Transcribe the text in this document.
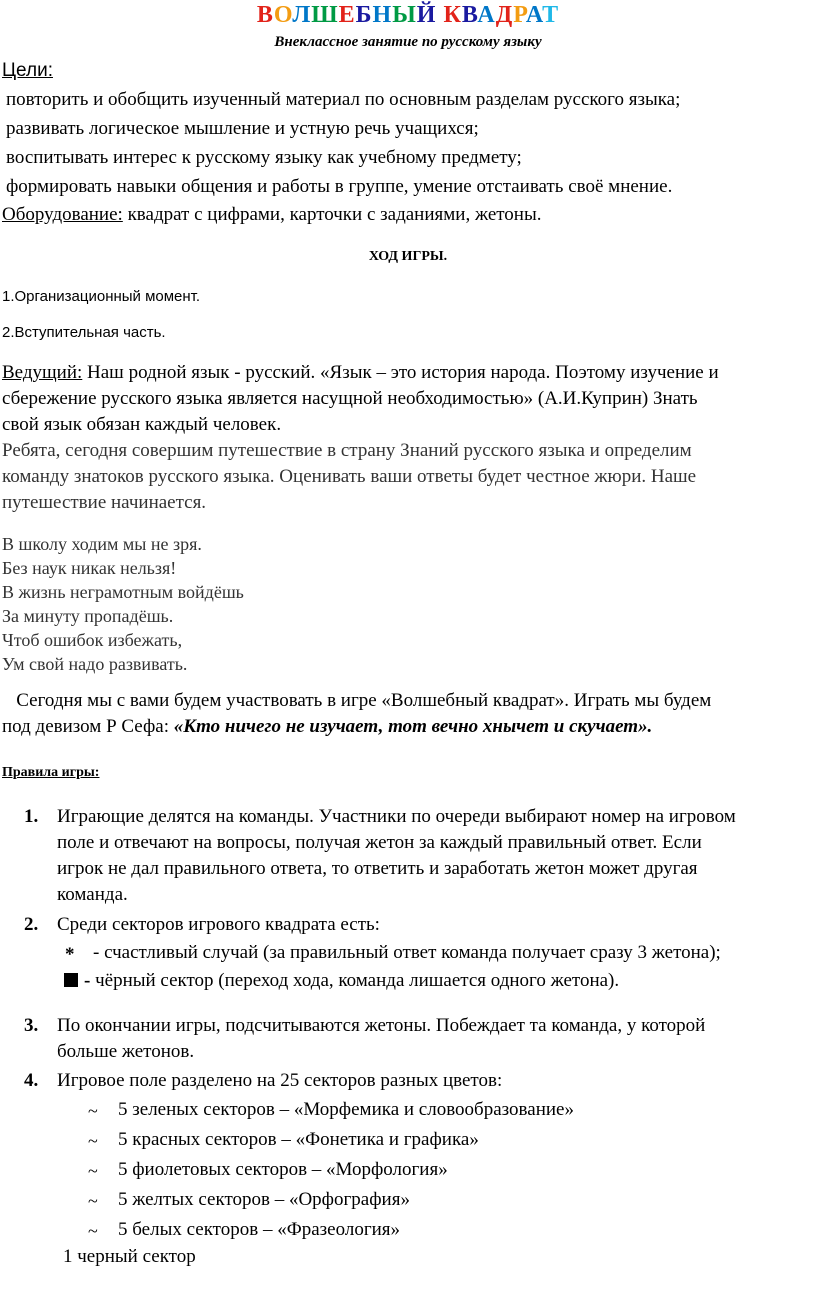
ВОЛШЕБНЫЙ КВАДРАТ
Внеклассное занятие по русскому языку
Цели:
повторить и обобщить изученный материал по основным разделам русского языка;
развивать логическое мышление и устную речь учащихся;
воспитывать интерес к русскому языку как учебному предмету;
формировать навыки общения и работы в группе, умение отстаивать своё мнение.
Оборудование: квадрат с цифрами, карточки с заданиями, жетоны.
ХОД ИГРЫ.
1.Организационный момент.
2.Вступительная часть.
Ведущий: Наш родной язык - русский. «Язык – это история народа. Поэтому изучение и
сбережение русского языка является насущной необходимостью» (А.И.Куприн) Знать
свой язык обязан каждый человек.
Ребята, сегодня совершим путешествие в страну Знаний русского языка и определим
команду знатоков русского языка. Оценивать ваши ответы будет честное жюри. Наше
путешествие начинается.
В школу ходим мы не зря.
Без наук никак нельзя!
В жизнь неграмотным войдёшь
За минуту пропадёшь.
Чтоб ошибок избежать,
Ум свой надо развивать.
Сегодня мы с вами будем участвовать в игре «Волшебный квадрат». Играть мы будем
под девизом Р Сефа: «Кто ничего не изучает, тот вечно хнычет и скучает».
Правила игры:
1. Играющие делятся на команды. Участники по очереди выбирают номер на игровом
поле и отвечают на вопросы, получая жетон за каждый правильный ответ. Если
игрок не дал правильного ответа, то ответить и заработать жетон может другая
команда.
2. Среди секторов игрового квадрата есть:
* - счастливый случай (за правильный ответ команда получает сразу 3 жетона);
- чёрный сектор (переход хода, команда лишается одного жетона).
3. По окончании игры, подсчитываются жетоны. Побеждает та команда, у которой
больше жетонов.
4. Игровое поле разделено на 25 секторов разных цветов:
~ 5 зеленых секторов – «Морфемика и словообразование»
~ 5 красных секторов – «Фонетика и графика»
~ 5 фиолетовых секторов – «Морфология»
~ 5 желтых секторов – «Орфография»
~ 5 белых секторов – «Фразеология»
1 черный сектор
